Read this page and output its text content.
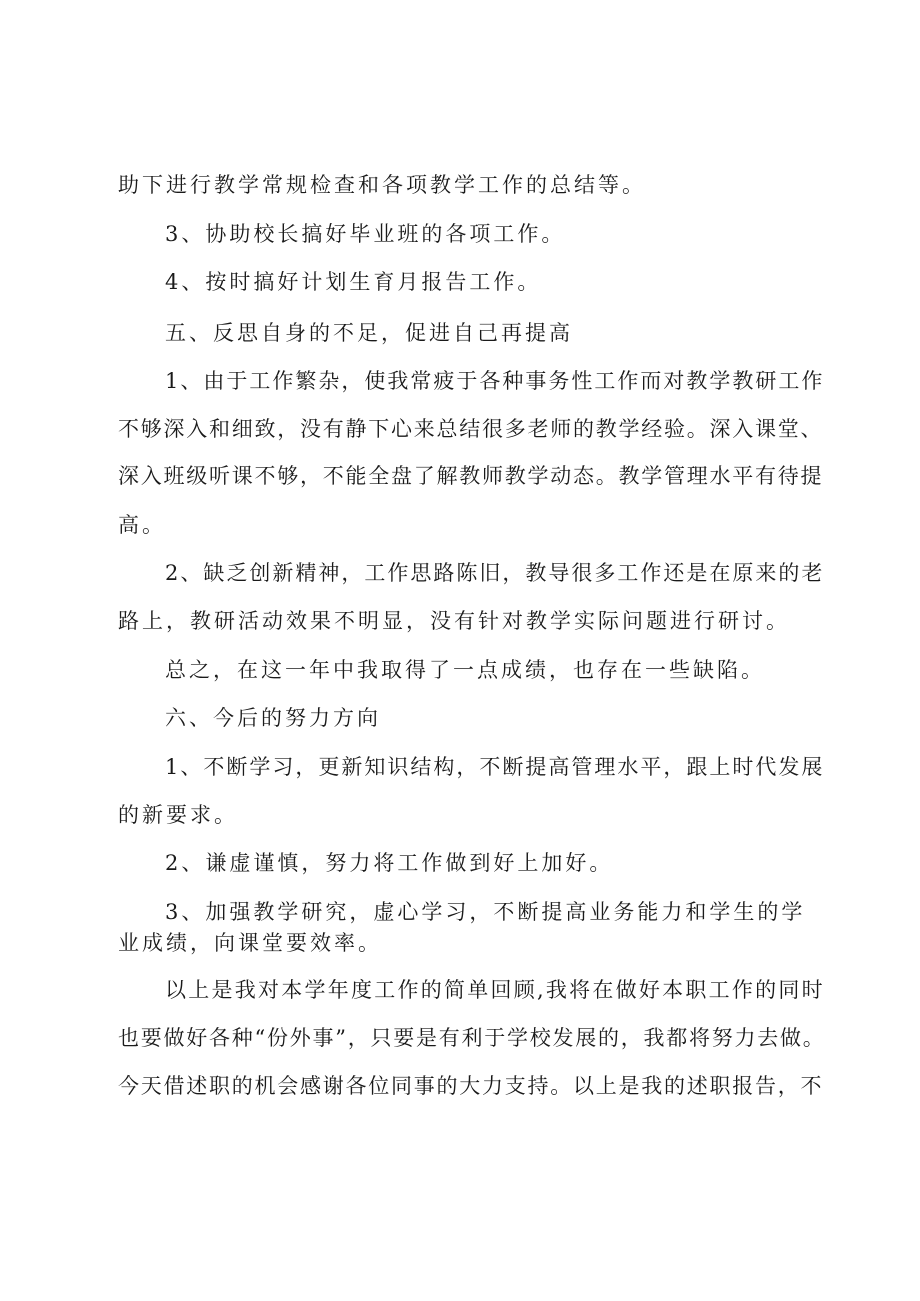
助下进行教学常规检查和各项教学工作的总结等。
3、协助校长搞好毕业班的各项工作。
4、按时搞好计划生育月报告工作。
五、反思自身的不足，促进自己再提高
1、由于工作繁杂，使我常疲于各种事务性工作而对教学教研工作
不够深入和细致，没有静下心来总结很多老师的教学经验。深入课堂、
深入班级听课不够，不能全盘了解教师教学动态。教学管理水平有待提
高。
2、缺乏创新精神，工作思路陈旧，教导很多工作还是在原来的老
路上，教研活动效果不明显，没有针对教学实际问题进行研讨。
总之，在这一年中我取得了一点成绩，也存在一些缺陷。
六、今后的努力方向
1、不断学习，更新知识结构，不断提高管理水平，跟上时代发展
的新要求。
2、谦虚谨慎，努力将工作做到好上加好。
3、加强教学研究，虚心学习，不断提高业务能力和学生的学
业成绩，向课堂要效率。
以上是我对本学年度工作的简单回顾,我将在做好本职工作的同时
也要做好各种“份外事”，只要是有利于学校发展的，我都将努力去做。
今天借述职的机会感谢各位同事的大力支持。以上是我的述职报告，不
